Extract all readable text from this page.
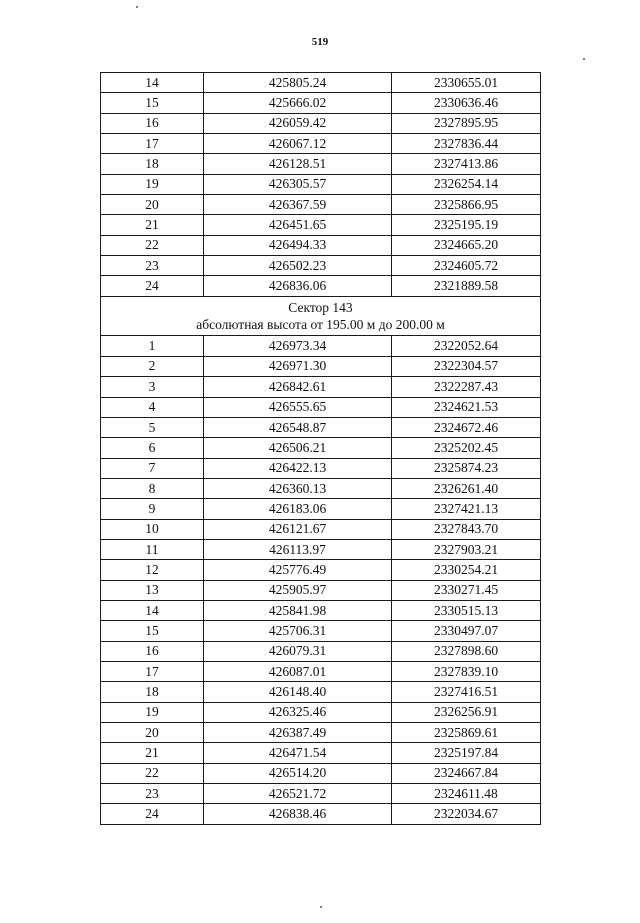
519
14	425805.24	2330655.01
15	425666.02	2330636.46
16	426059.42	2327895.95
17	426067.12	2327836.44
18	426128.51	2327413.86
19	426305.57	2326254.14
20	426367.59	2325866.95
21	426451.65	2325195.19
22	426494.33	2324665.20
23	426502.23	2324605.72
24	426836.06	2321889.58

Сектор 143
абсолютная высота от 195.00 м до 200.00 м		

1	426973.34	2322052.64
2	426971.30	2322304.57
3	426842.61	2322287.43
4	426555.65	2324621.53
5	426548.87	2324672.46
6	426506.21	2325202.45
7	426422.13	2325874.23
8	426360.13	2326261.40
9	426183.06	2327421.13
10	426121.67	2327843.70
11	426113.97	2327903.21
12	425776.49	2330254.21
13	425905.97	2330271.45
14	425841.98	2330515.13
15	425706.31	2330497.07
16	426079.31	2327898.60
17	426087.01	2327839.10
18	426148.40	2327416.51
19	426325.46	2326256.91
20	426387.49	2325869.61
21	426471.54	2325197.84
22	426514.20	2324667.84
23	426521.72	2324611.48
24	426838.46	2322034.67
